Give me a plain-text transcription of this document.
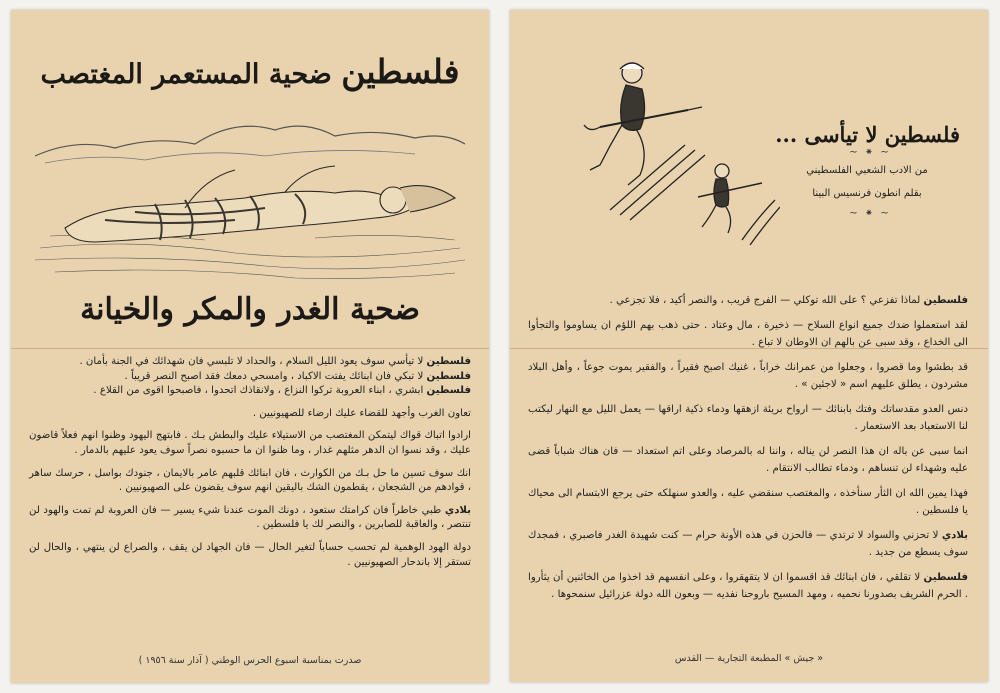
فلسطين ضحية المستعمر المغتصب
ضحية الغدر والمكر والخيانة

فلسطين لا تيأسي سوف يعود الليل السلام ، والحداد لا تلبسي فان شهدائك في الجنة بأمان .

فلسطين لا تبكي فان ابنائك يفتت الاكباد ، وامسحي دمعك فقد اصبح النصر قريباً .

فلسطين ابشري ، ابناء العروبة تركوا النزاع ، ولانقاذك اتحدوا ، فاصبحوا اقوى من القلاع .

تعاون الغرب وأجهد للقضاء عليك ارضاء للصهيونيين .

ارادوا اتباك قواك ليتمكن المغتصب من الاستيلاء عليك والبطش بـك . فابتهج اليهود وظنوا انهم فعلاً قاضون عليك ، وقد نسوا ان الدهر مثلهم غدار ، وما ظنوا ان ما حسبوه نصراً سوف يعود عليهم بالدمار .

انك سوف تسين ما حل بـك من الكوارث ، فان ابنائك قلبهم عامر بالايمان ، جنودك بواسل ، حرسك ساهر ، قوادهم من الشجعان ، يقطمون الشك باليقين انهم سوف يقضون على الصهيونيين .

بلادي طبي خاطراً فان كرامتك ستعود ، دونك الموت عندنا شيء يسير — فان العروبة لم تمت والهود لن تنتصر ، والعاقبة للصابرين ، والنصر لك يا فلسطين .

دولة الهود الوهمية لم تحسب حساباً لتغير الحال — فان الجهاد لن يقف ، والصراع لن ينتهي ، والحال لن تستقر إلا باندحار الصهيونيين .

صدرت بمناسبة اسبوع الحرس الوطني ( آذار سنة ١٩٥٦ )
فلسطين لا تيأسى ...
~ ⁕ ~
من الادب الشعبي الفلسطيني
بقلم انطون فرنسيس البينا
~ ⁕ ~

فلسطين لماذا تفزعي ؟ على الله توكلي — الفرج قريب ، والنصر أكيد ، فلا تجزعي .

لقد استعملوا ضدك جميع انواع السلاح — ذخيرة ، مال وعتاد . حتى ذهب بهم اللؤم ان يساوموا والتجأوا الى الخداع ، وقد سبى عن بالهم ان الاوطان لا تباع .

قد بطشوا وما قصروا ، وجعلوا من عمرانك خراباً ، غنيك اصبح فقيراً ، والفقير يموت جوعاً ، وأهل البلاد مشردون ، يطلق عليهم اسم « لاجئين » .

دنس العدو مقدساتك وفتك بابنائك — ارواح بريئة ازهقها ودماء ذكية اراقها — يعمل الليل مع النهار ليكتب لنا الاستعباد بعد الاستعمار .

انما سبى عن باله ان هذا النصر لن يناله ، واننا له بالمرصاد وعلى اتم استعداد — فان هناك شباباً قضى عليه وشهداء لن تنساهم ، ودماء تطالب الانتقام .

فهذا يمين الله ان الثأر سنأخذه ، والمغتصب سنقضي عليه ، والعدو سنهلكه حتى يرجع الابتسام الى محياك يا فلسطين .

بلادي لا تحزني والسواد لا ترتدي — فالحزن في هذه الأونة حرام — كنت شهيدة الغدر فاصبري ، فمجدك سوف يسطع من جديد .

فلسطين لا تقلقي ، فان ابنائك قد اقسموا ان لا يتقهقروا ، وعلى انفسهم قد اخذوا من الخائنين أن يثأروا . الحرم الشريف بصدورنا نحميه ، ومهد المسيح باروحنا نفديه — وبعون الله دولة عزرائيل سنمحوها .

« جيش » المطبعة التجارية — القدس
